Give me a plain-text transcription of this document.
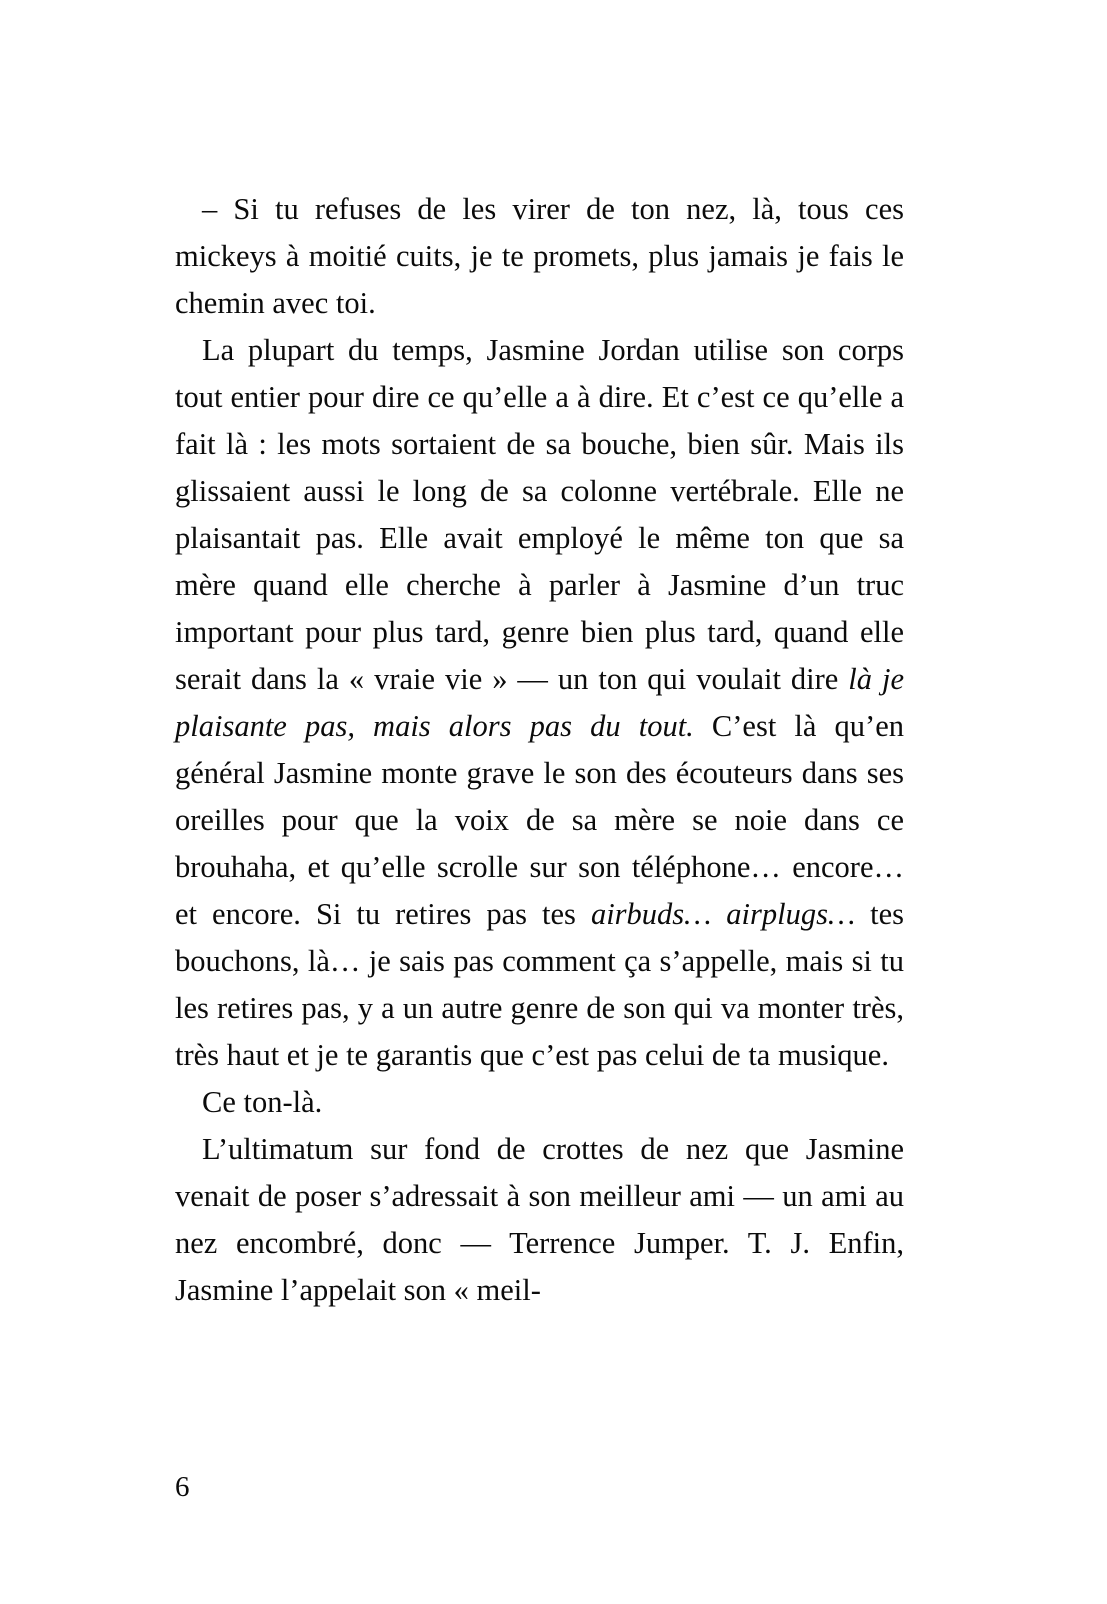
– Si tu refuses de les virer de ton nez, là, tous ces mickeys à moitié cuits, je te promets, plus jamais je fais le chemin avec toi.

La plupart du temps, Jasmine Jordan utilise son corps tout entier pour dire ce qu’elle a à dire. Et c’est ce qu’elle a fait là : les mots sortaient de sa bouche, bien sûr. Mais ils glissaient aussi le long de sa colonne vertébrale. Elle ne plaisantait pas. Elle avait employé le même ton que sa mère quand elle cherche à parler à Jasmine d’un truc important pour plus tard, genre bien plus tard, quand elle serait dans la « vraie vie » — un ton qui voulait dire là je plaisante pas, mais alors pas du tout. C’est là qu’en général Jasmine monte grave le son des écouteurs dans ses oreilles pour que la voix de sa mère se noie dans ce brouhaha, et qu’elle scrolle sur son téléphone… encore… et encore. Si tu retires pas tes airbuds… airplugs… tes bouchons, là… je sais pas comment ça s’appelle, mais si tu les retires pas, y a un autre genre de son qui va monter très, très haut et je te garantis que c’est pas celui de ta musique.

Ce ton-là.

L’ultimatum sur fond de crottes de nez que Jasmine venait de poser s’adressait à son meilleur ami — un ami au nez encombré, donc — Terrence Jumper. T. J. Enfin, Jasmine l’appelait son « meil-

6
